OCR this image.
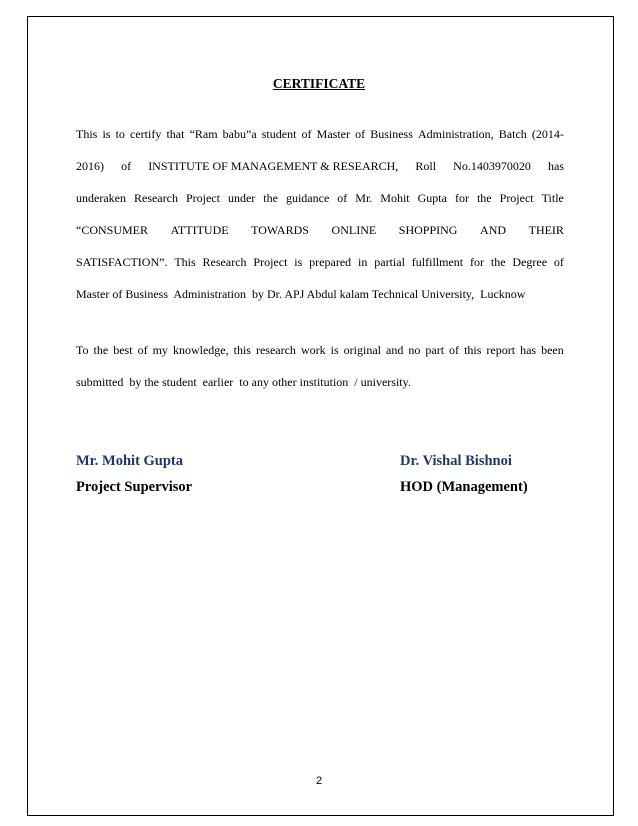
CERTIFICATE
This is to certify that “Ram babu”a student of Master of Business Administration, Batch (2014-
2016) of INSTITUTE OF MANAGEMENT & RESEARCH, Roll No.1403970020 has
underaken Research Project under the guidance of Mr. Mohit Gupta for the Project Title
“CONSUMER ATTITUDE TOWARDS ONLINE SHOPPING AND THEIR
SATISFACTION”. This Research Project is prepared in partial fulfillment for the Degree of
Master of Business  Administration  by Dr. APJ Abdul kalam Technical University,  Lucknow
To the best of my knowledge, this research work is original and no part of this report has been
submitted  by the student  earlier  to any other institution  / university.
Mr. Mohit Gupta
Project Supervisor
Dr. Vishal Bishnoi
HOD (Management)
2
